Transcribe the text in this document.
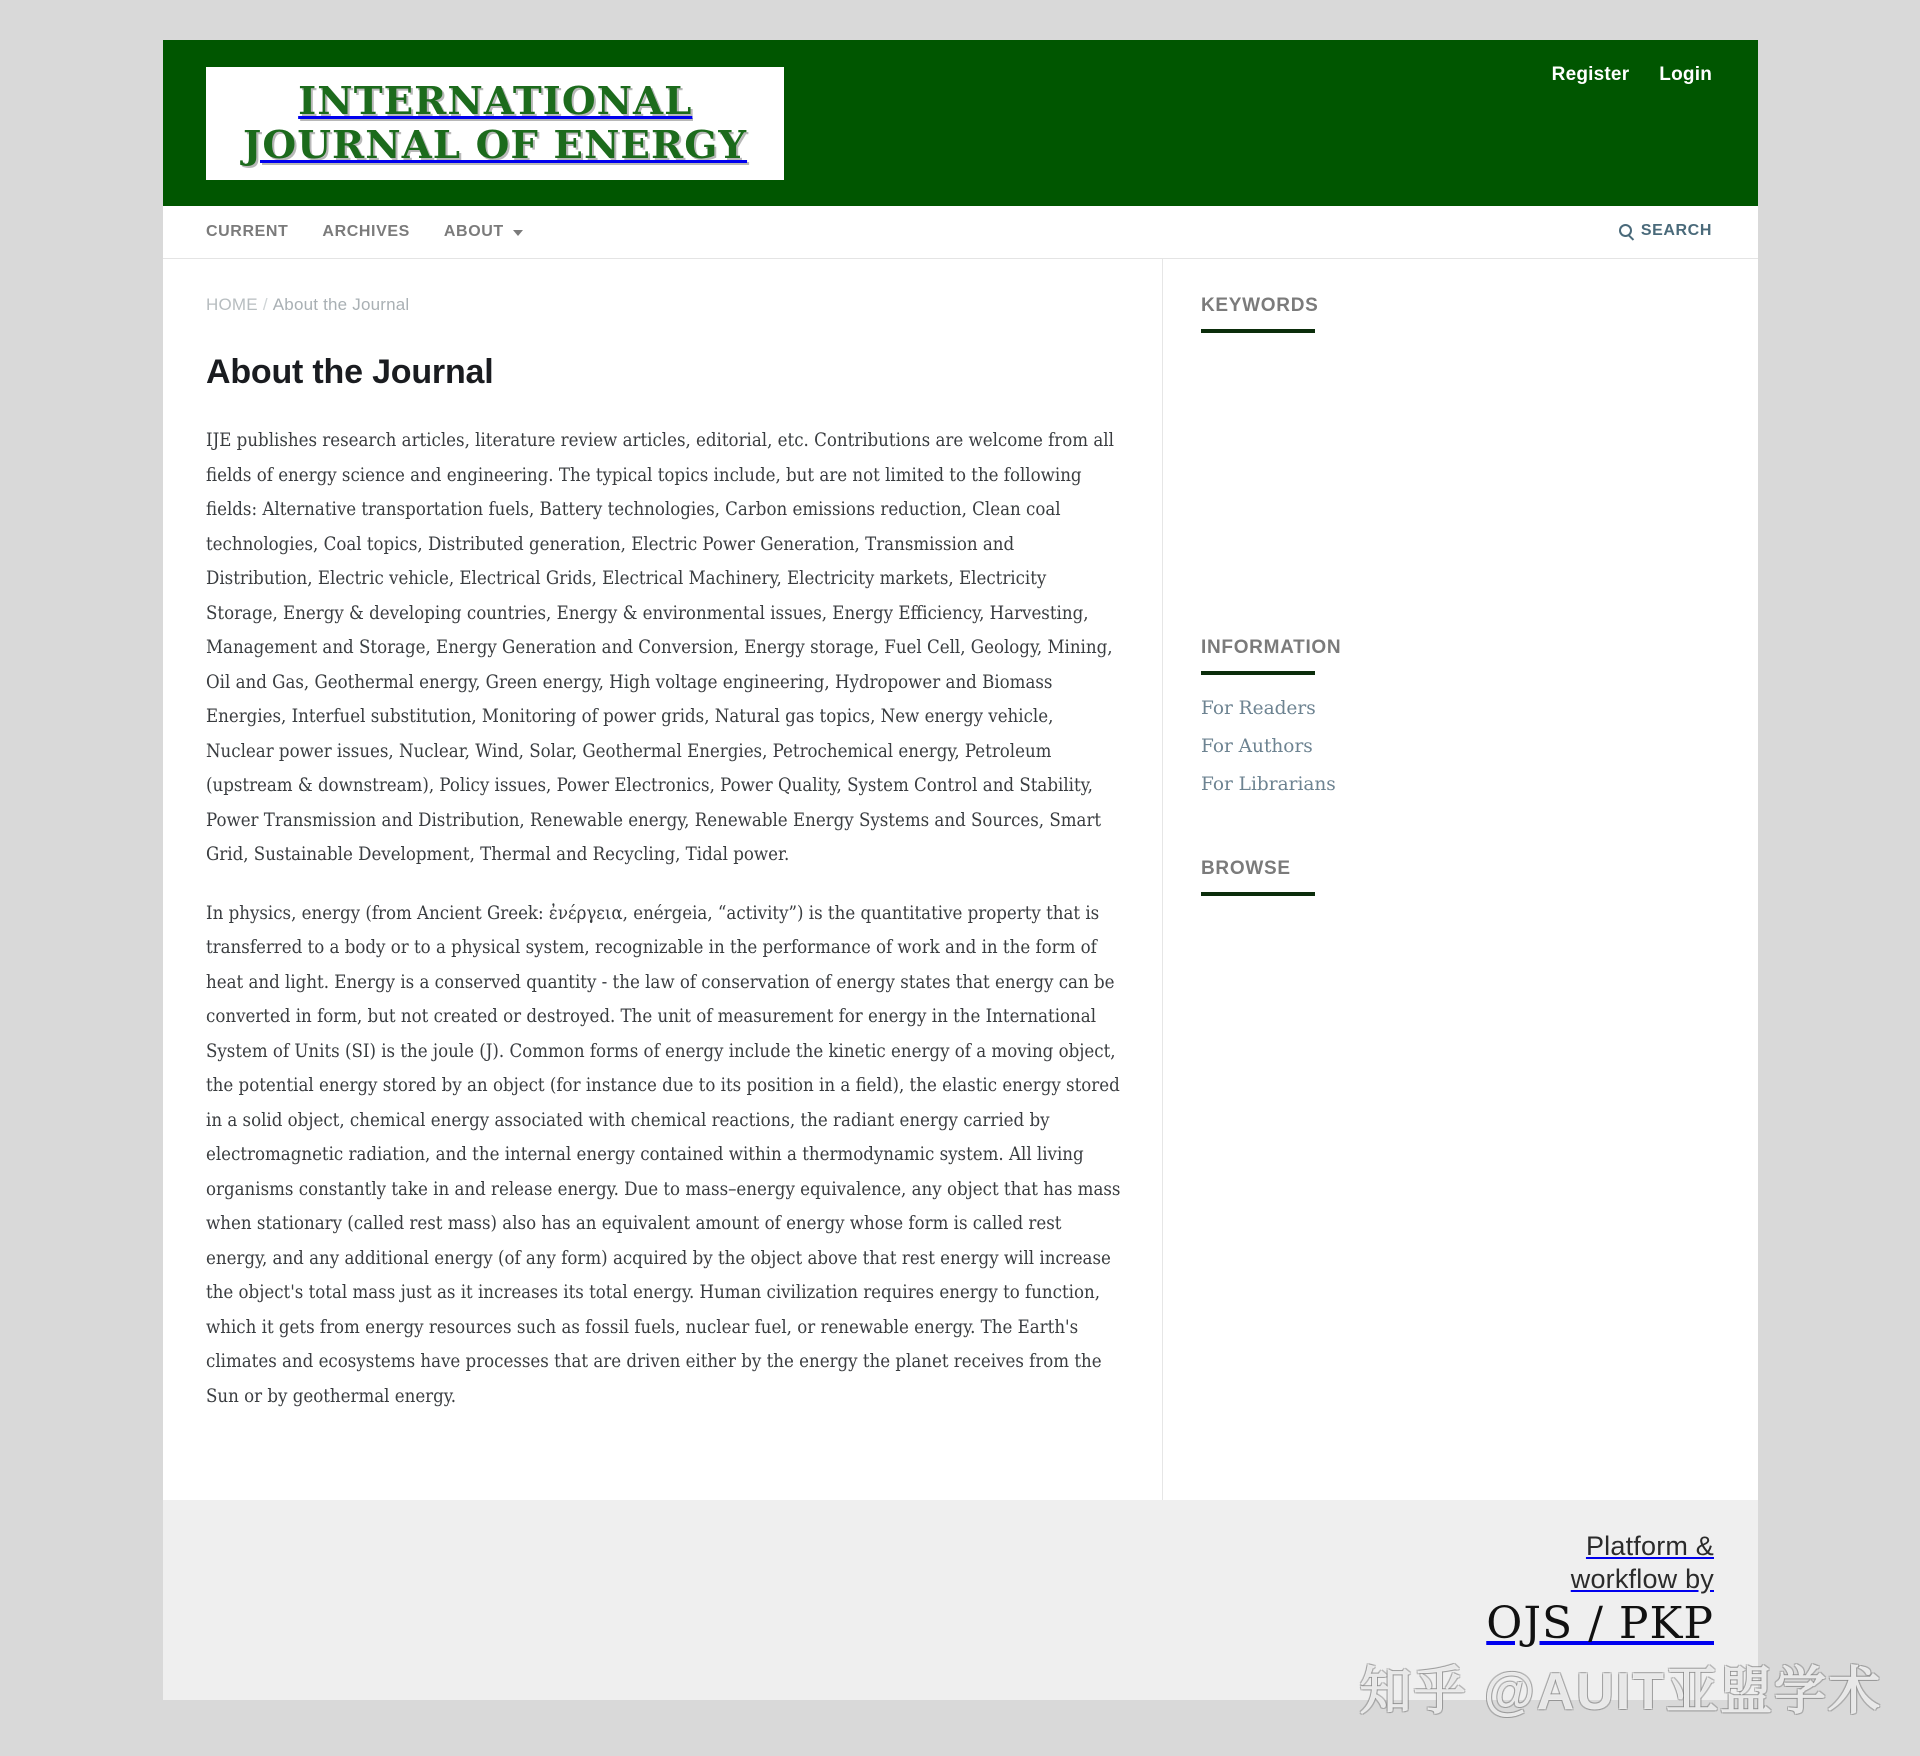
INTERNATIONAL
JOURNAL OF ENERGY
Register Login
CURRENT ARCHIVES ABOUT	SEARCH
HOME / About the Journal
About the Journal

IJE publishes research articles, literature review articles, editorial, etc. Contributions are welcome from all fields of energy science and engineering. The typical topics include, but are not limited to the following fields: Alternative transportation fuels, Battery technologies, Carbon emissions reduction, Clean coal technologies, Coal topics, Distributed generation, Electric Power Generation, Transmission and Distribution, Electric vehicle, Electrical Grids, Electrical Machinery, Electricity markets, Electricity Storage, Energy & developing countries, Energy & environmental issues, Energy Efficiency, Harvesting, Management and Storage, Energy Generation and Conversion, Energy storage, Fuel Cell, Geology, Mining, Oil and Gas, Geothermal energy, Green energy, High voltage engineering, Hydropower and Biomass Energies, Interfuel substitution, Monitoring of power grids, Natural gas topics, New energy vehicle, Nuclear power issues, Nuclear, Wind, Solar, Geothermal Energies, Petrochemical energy, Petroleum (upstream & downstream), Policy issues, Power Electronics, Power Quality, System Control and Stability, Power Transmission and Distribution, Renewable energy, Renewable Energy Systems and Sources, Smart Grid, Sustainable Development, Thermal and Recycling, Tidal power.

In physics, energy (from Ancient Greek: ἐνέργεια, enérgeia, “activity”) is the quantitative property that is transferred to a body or to a physical system, recognizable in the performance of work and in the form of heat and light. Energy is a conserved quantity - the law of conservation of energy states that energy can be converted in form, but not created or destroyed. The unit of measurement for energy in the International System of Units (SI) is the joule (J). Common forms of energy include the kinetic energy of a moving object, the potential energy stored by an object (for instance due to its position in a field), the elastic energy stored in a solid object, chemical energy associated with chemical reactions, the radiant energy carried by electromagnetic radiation, and the internal energy contained within a thermodynamic system. All living organisms constantly take in and release energy. Due to mass–energy equivalence, any object that has mass when stationary (called rest mass) also has an equivalent amount of energy whose form is called rest energy, and any additional energy (of any form) acquired by the object above that rest energy will increase the object's total mass just as it increases its total energy. Human civilization requires energy to function, which it gets from energy resources such as fossil fuels, nuclear fuel, or renewable energy. The Earth's climates and ecosystems have processes that are driven either by the energy the planet receives from the Sun or by geothermal energy.

KEYWORDS
INFORMATION
For Readers
For Authors
For Librarians
BROWSE
Platform &
workflow by
OJS / PKP
知乎 @AUIT亚盟学术
